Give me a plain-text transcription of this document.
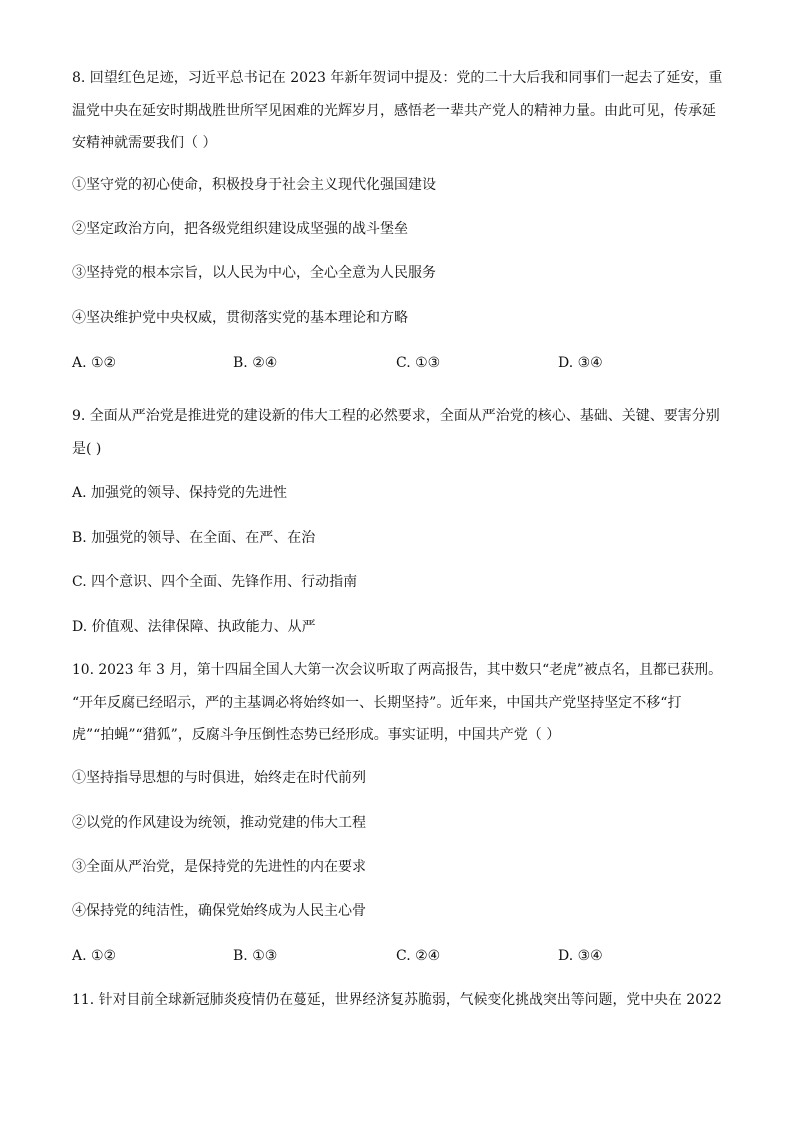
8. 回望红色足迹，习近平总书记在 2023 年新年贺词中提及：党的二十大后我和同事们一起去了延安，重
温党中央在延安时期战胜世所罕见困难的光辉岁月，感悟老一辈共产党人的精神力量。由此可见，传承延
安精神就需要我们（ ）
①坚守党的初心使命，积极投身于社会主义现代化强国建设
②坚定政治方向，把各级党组织建设成坚强的战斗堡垒
③坚持党的根本宗旨，以人民为中心，全心全意为人民服务
④坚决维护党中央权威，贯彻落实党的基本理论和方略
A. ①②	B. ②④	C. ①③	D. ③④
9. 全面从严治党是推进党的建设新的伟大工程的必然要求，全面从严治党的核心、基础、关键、要害分别
是( )
A. 加强党的领导、保持党的先进性
B. 加强党的领导、在全面、在严、在治
C. 四个意识、四个全面、先锋作用、行动指南
D. 价值观、法律保障、执政能力、从严
10. 2023 年 3 月，第十四届全国人大第一次会议听取了两高报告，其中数只“老虎”被点名，且都已获刑。
“开年反腐已经昭示，严的主基调必将始终如一、长期坚持”。近年来，中国共产党坚持坚定不移“打
虎”“拍蝇”“猎狐”，反腐斗争压倒性态势已经形成。事实证明，中国共产党（ ）
①坚持指导思想的与时俱进，始终走在时代前列
②以党的作风建设为统领，推动党建的伟大工程
③全面从严治党，是保持党的先进性的内在要求
④保持党的纯洁性，确保党始终成为人民主心骨
A. ①②	B. ①③	C. ②④	D. ③④
11. 针对目前全球新冠肺炎疫情仍在蔓延，世界经济复苏脆弱，气候变化挑战突出等问题，党中央在 2022
